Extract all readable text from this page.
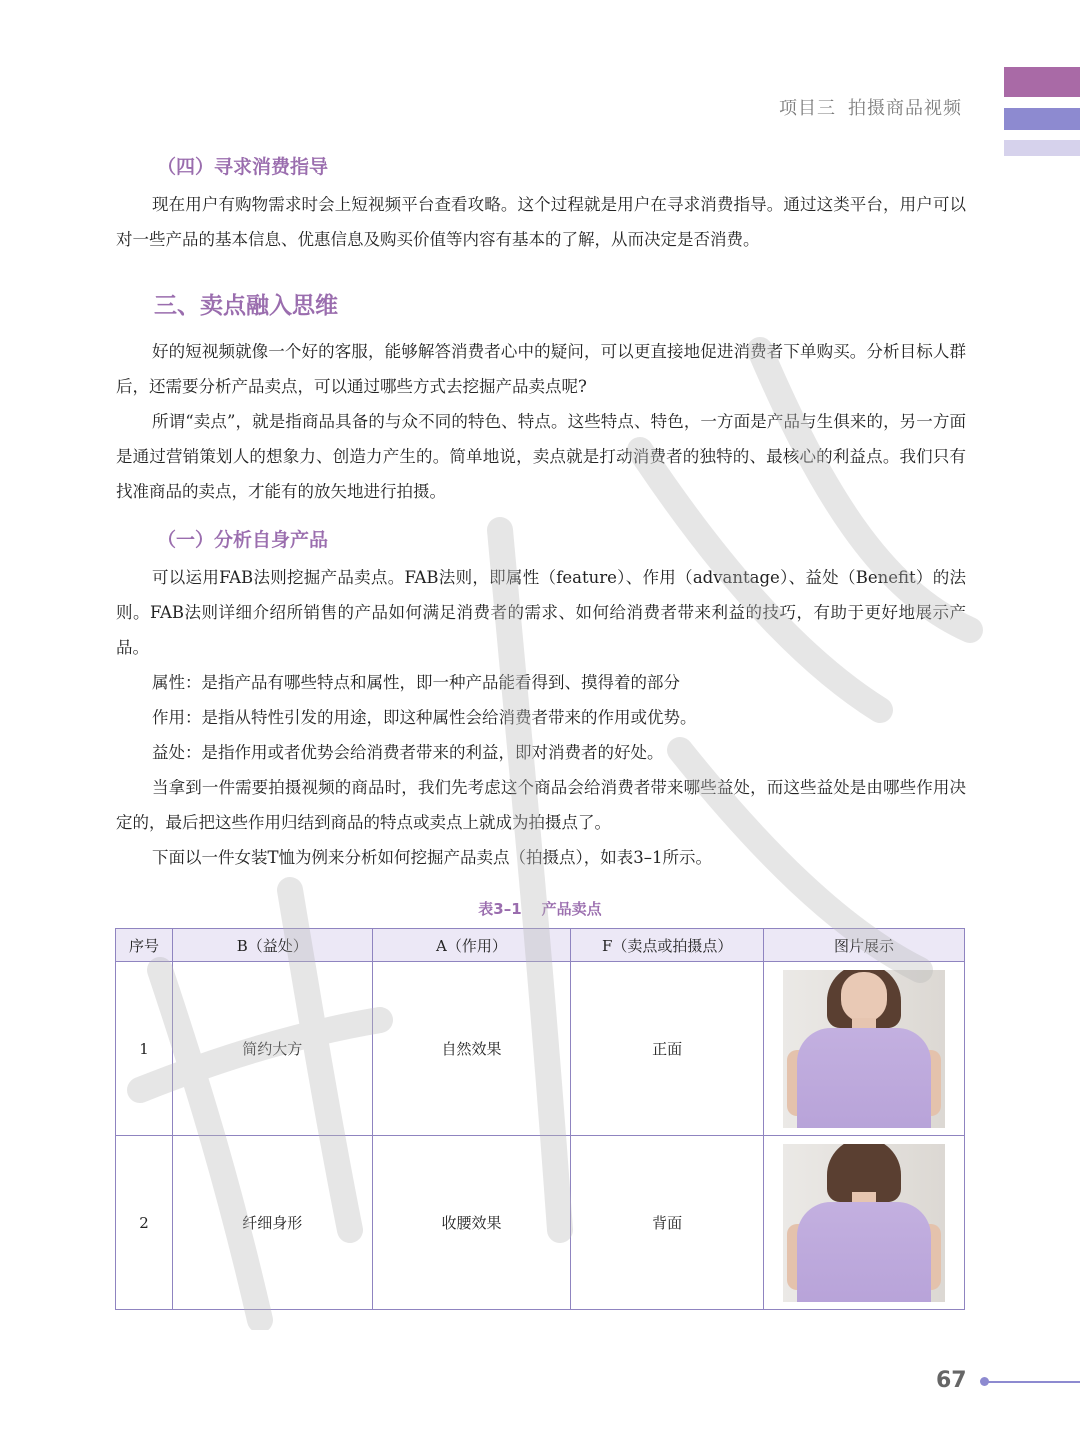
项目三 拍摄商品视频
（四）寻求消费指导

现在用户有购物需求时会上短视频平台查看攻略。这个过程就是用户在寻求消费指导。通过这类平台，用户可以对一些产品的基本信息、优惠信息及购买价值等内容有基本的了解，从而决定是否消费。

三、卖点融入思维

好的短视频就像一个好的客服，能够解答消费者心中的疑问，可以更直接地促进消费者下单购买。分析目标人群后，还需要分析产品卖点，可以通过哪些方式去挖掘产品卖点呢?

所谓“卖点”，就是指商品具备的与众不同的特色、特点。这些特点、特色，一方面是产品与生俱来的，另一方面是通过营销策划人的想象力、创造力产生的。简单地说，卖点就是打动消费者的独特的、最核心的利益点。我们只有找准商品的卖点，才能有的放矢地进行拍摄。

（一）分析自身产品

可以运用FAB法则挖掘产品卖点。FAB法则，即属性（feature）、作用（advantage）、益处（Benefit）的法则。FAB法则详细介绍所销售的产品如何满足消费者的需求、如何给消费者带来利益的技巧，有助于更好地展示产品。

属性：是指产品有哪些特点和属性，即一种产品能看得到、摸得着的部分

作用：是指从特性引发的用途，即这种属性会给消费者带来的作用或优势。

益处：是指作用或者优势会给消费者带来的利益，即对消费者的好处。

当拿到一件需要拍摄视频的商品时，我们先考虑这个商品会给消费者带来哪些益处，而这些益处是由哪些作用决定的，最后把这些作用归结到商品的特点或卖点上就成为拍摄点了。

下面以一件女装T恤为例来分析如何挖掘产品卖点（拍摄点），如表3–1所示。

表3–1 产品卖点
序号	B（益处）	A（作用）	F（卖点或拍摄点）	图片展示
1	简约大方	自然效果	正面	

2	纤细身形	收腰效果	背面	
67
